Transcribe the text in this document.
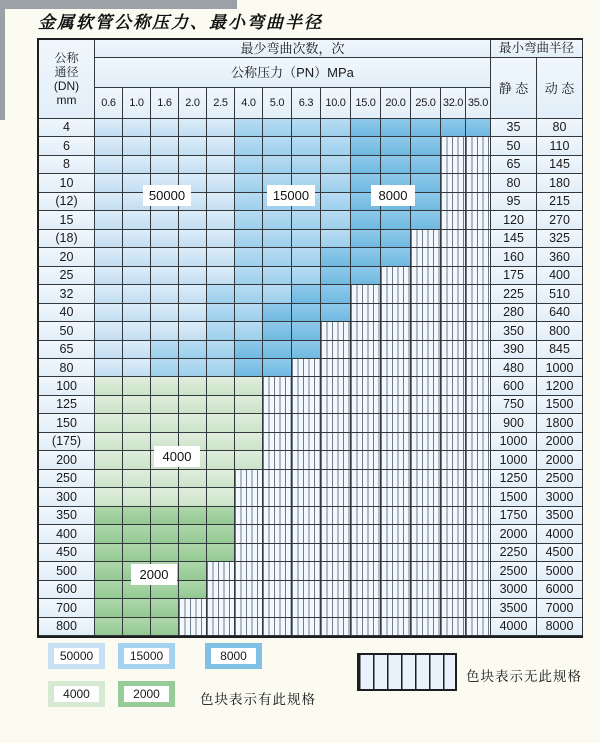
金属软管公称压力、最小弯曲半径
公称
通径
(DN)
mm
最少弯曲次数，次	最小弯曲半径
公称压力（PN）MPa
静 态	动 态
0.6	1.0	1.6	2.0	2.5	4.0	5.0	6.3	10.0 15.0 20.0 25.0 32.0 35.0
4	35	80
6	50	110
8	65	145
10	80	180
(12)	95	215
15	120	270
(18)	145	325
20	160	360
25	175	400
32	225	510
40	280	640
50	350	800
65	390	845
80	480	1000
100	600	1200
125	750	1500
150	900	1800
(175)	1000	2000
200	1000	2000
250	1250	2500
300	1500	3000
350	1750	3500
400	2000	4000
450	2250	4500
500	2500	5000
600	3000	6000
700	3500	7000
800	4000	8000
50000	15000	8000
4000
2000
50000	15000	8000
4000	2000	色块表示有此规格
色块表示无此规格
